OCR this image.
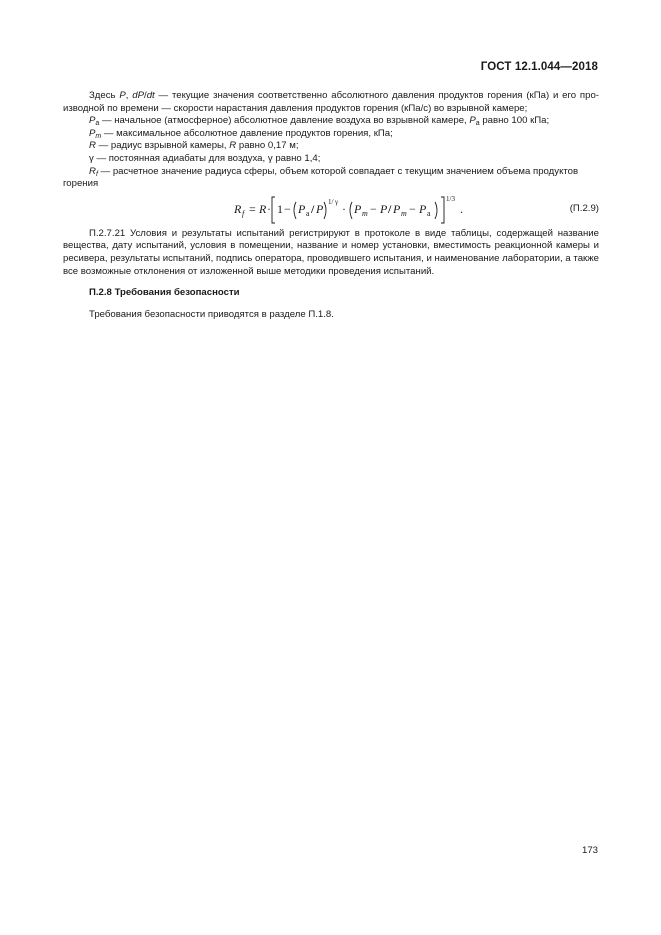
ГОСТ 12.1.044—2018

Здесь P, dP/dt — текущие значения соответственно абсолютного давления продуктов горения (кПа) и его производной по времени — скорости нарастания давления продуктов горения (кПа/с) во взрывной камере;

$P_a$ — начальное (атмосферное) абсолютное давление воздуха во взрывной камере, $P_a$ равно 100 кПа;

$P_m$ — максимальное абсолютное давление продуктов горения, кПа;

R — радиус взрывной камеры, R равно 0,17 м;

γ — постоянная адиабаты для воздуха, γ равно 1,4;

$R_f$ — расчетное значение радиуса сферы, объем которой совпадает с текущим значением объема продуктов горения

R f = R · 1 − P a / P 1/ γ · P m − P / P m − P a
1/3
.	(П.2.9)

П.2.7.21 Условия и результаты испытаний регистрируют в протоколе в виде таблицы, содержащей название вещества, дату испытаний, условия в помещении, название и номер установки, вместимость реакционной камеры и ресивера, результаты испытаний, подпись оператора, проводившего испытания, и наименование лаборатории, а также все возможные отклонения от изложенной выше методики проведения испытаний.

П.2.8 Требования безопасности

Требования безопасности приводятся в разделе П.1.8.

173
